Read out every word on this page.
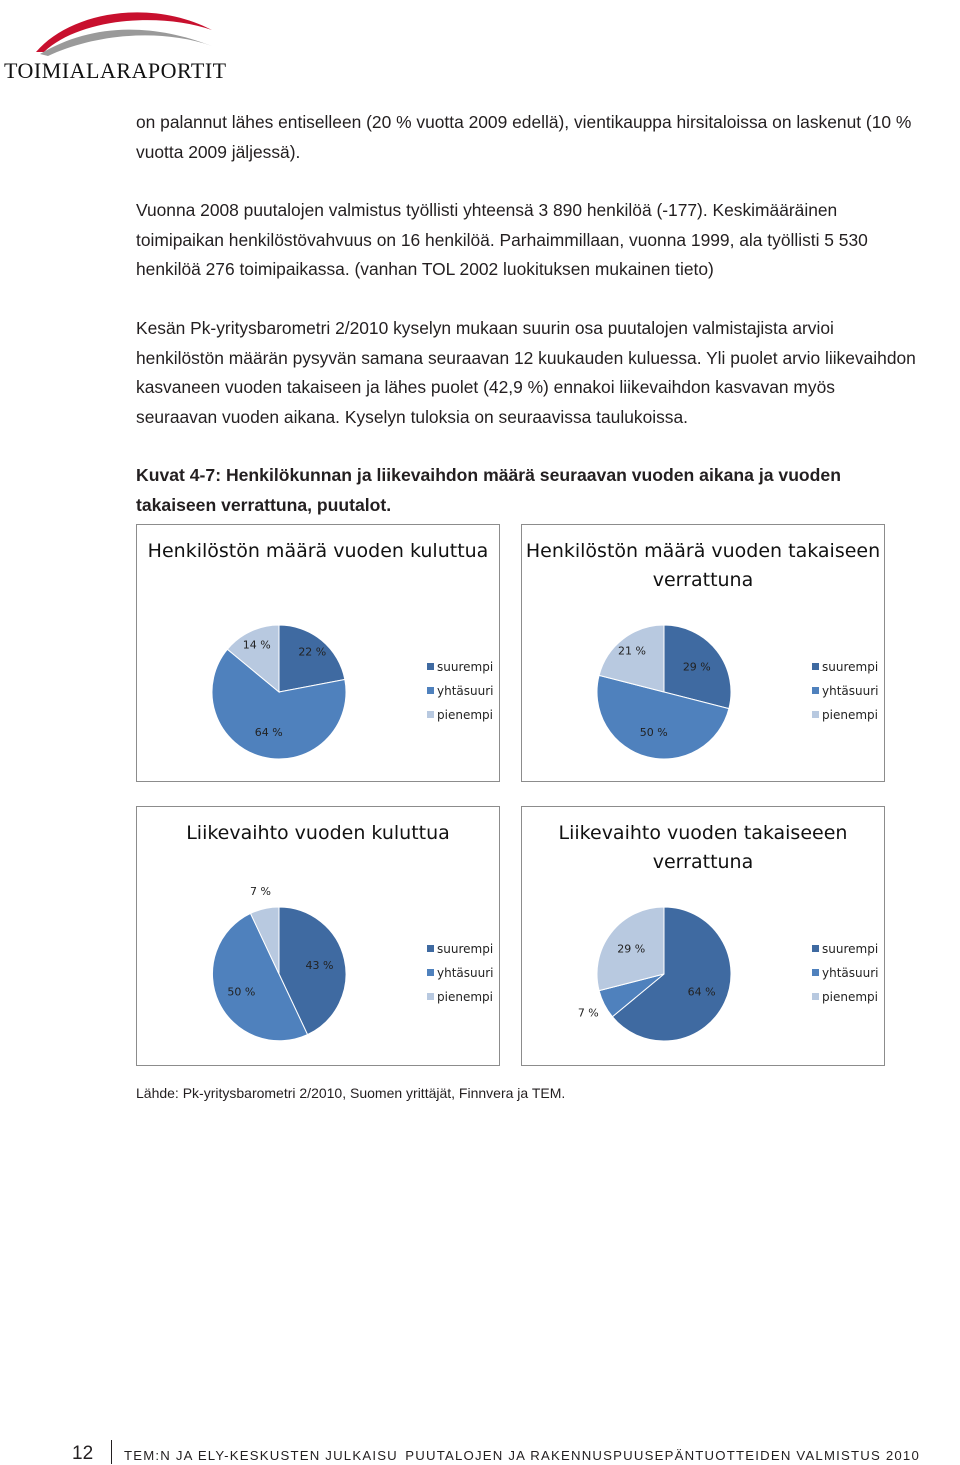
TOIMIALARAPORTIT

on palannut lähes entiselleen (20 % vuotta 2009 edellä), vientikauppa hirsitaloissa on laskenut (10 % vuotta 2009 jäljessä).

Vuonna 2008 puutalojen valmistus työllisti yhteensä 3 890 henkilöä (-177). Keskimääräinen toimipaikan henkilöstövahvuus on 16 henkilöä. Parhaimmillaan, vuonna 1999, ala työllisti 5 530 henkilöä 276 toimipaikassa. (vanhan TOL 2002 luokituksen mukainen tieto)

Kesän Pk-yritysbarometri 2/2010 kyselyn mukaan suurin osa puutalojen valmistajista arvioi henkilöstön määrän pysyvän samana seuraavan 12 kuukauden kuluessa. Yli puolet arvio liikevaihdon kasvaneen vuoden takaiseen ja lähes puolet (42,9 %) ennakoi liikevaihdon kasvavan myös seuraavan vuoden aikana. Kyselyn tuloksia on seuraavissa taulukoissa.

Kuvat 4-7: Henkilökunnan ja liikevaihdon määrä seuraavan vuoden aikana ja vuoden takaiseen verrattuna, puutalot.
Henkilöstön määrä vuoden kuluttua
22 %
64 %
14 %
suurempi
yhtäsuuri
pienempi
Henkilöstön määrä vuoden takaiseen verrattuna
29 %
50 %
21 %
suurempi
yhtäsuuri
pienempi
Liikevaihto vuoden kuluttua
43 %
50 %
7 %
suurempi
yhtäsuuri
pienempi
Liikevaihto vuoden takaiseeen verrattuna
64 %
7 %
29 %	suurempi
yhtäsuuri
pienempi
Lähde: Pk-yritysbarometri 2/2010, Suomen yrittäjät, Finnvera ja TEM.
12 TEM:N JA ELY-KESKUSTEN JULKAISU PUUTALOJEN JA RAKENNUSPUUSEPÄNTUOTTEIDEN VALMISTUS 2010
